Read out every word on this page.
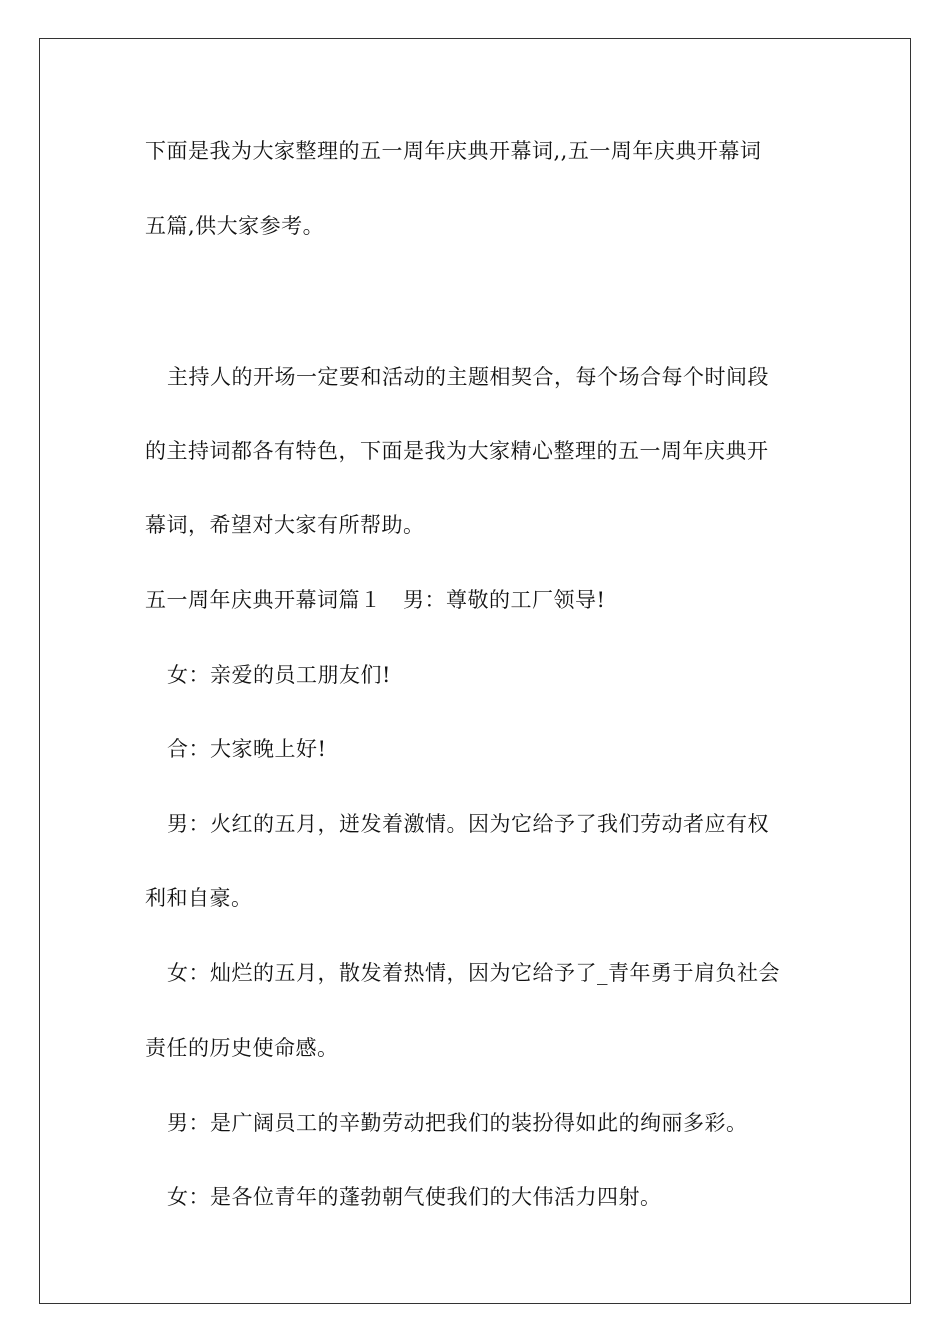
下面是我为大家整理的五一周年庆典开幕词,,五一周年庆典开幕词
五篇,供大家参考。
主持人的开场一定要和活动的主题相契合，每个场合每个时间段
的主持词都各有特色，下面是我为大家精心整理的五一周年庆典开
幕词，希望对大家有所帮助。
五一周年庆典开幕词篇１　男：尊敬的工厂领导!
女：亲爱的员工朋友们!
合：大家晚上好!
男：火红的五月，迸发着激情。因为它给予了我们劳动者应有权
利和自豪。
女：灿烂的五月，散发着热情，因为它给予了_青年勇于肩负社会
责任的历史使命感。
男：是广阔员工的辛勤劳动把我们的装扮得如此的绚丽多彩。
女：是各位青年的蓬勃朝气使我们的大伟活力四射。
